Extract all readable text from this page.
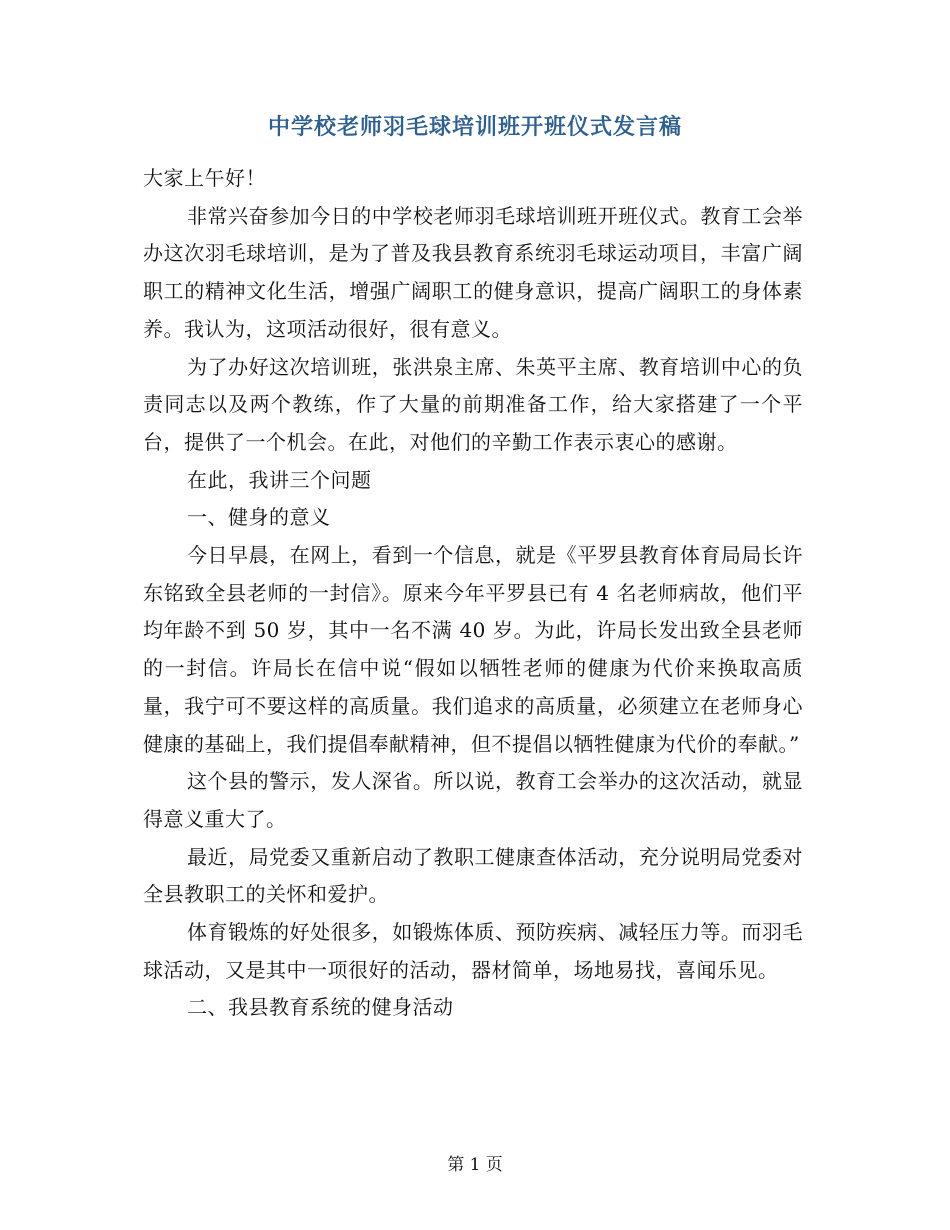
中学校老师羽毛球培训班开班仪式发言稿

大家上午好！

非常兴奋参加今日的中学校老师羽毛球培训班开班仪式。教育工会举办这次羽毛球培训，是为了普及我县教育系统羽毛球运动项目，丰富广阔职工的精神文化生活，增强广阔职工的健身意识，提高广阔职工的身体素养。我认为，这项活动很好，很有意义。

为了办好这次培训班，张洪泉主席、朱英平主席、教育培训中心的负责同志以及两个教练，作了大量的前期准备工作，给大家搭建了一个平台，提供了一个机会。在此，对他们的辛勤工作表示衷心的感谢。

在此，我讲三个问题

一、健身的意义

今日早晨，在网上，看到一个信息，就是《平罗县教育体育局局长许东铭致全县老师的一封信》。原来今年平罗县已有 4 名老师病故，他们平均年龄不到 50 岁，其中一名不满 40 岁。为此，许局长发出致全县老师的一封信。许局长在信中说“假如以牺牲老师的健康为代价来换取高质量，我宁可不要这样的高质量。我们追求的高质量，必须建立在老师身心健康的基础上，我们提倡奉献精神，但不提倡以牺牲健康为代价的奉献。”

这个县的警示，发人深省。所以说，教育工会举办的这次活动，就显得意义重大了。

最近，局党委又重新启动了教职工健康查体活动，充分说明局党委对全县教职工的关怀和爱护。

体育锻炼的好处很多，如锻炼体质、预防疾病、减轻压力等。而羽毛球活动，又是其中一项很好的活动，器材简单，场地易找，喜闻乐见。

二、我县教育系统的健身活动

第 1 页
